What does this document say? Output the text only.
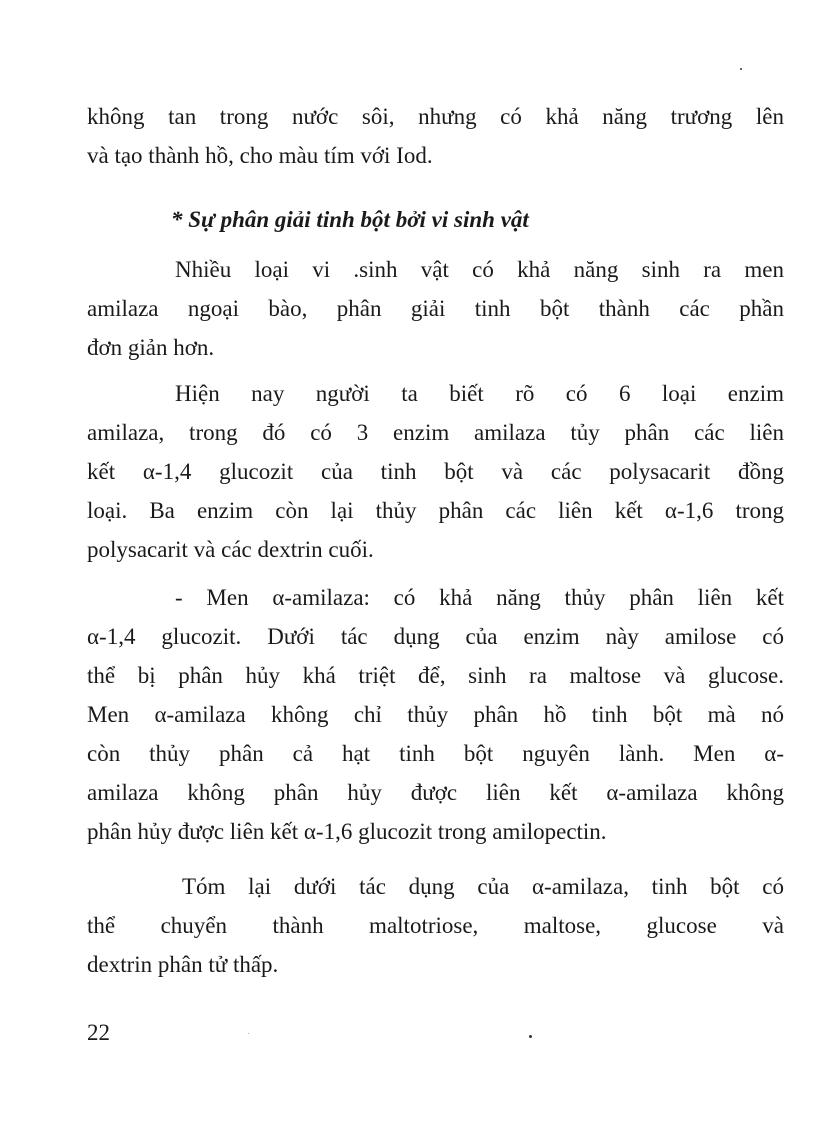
không tan trong nước sôi, nhưng có khả năng trương lên
và tạo thành hồ, cho màu tím với Iod.
* Sự phân giải tinh bột bởi vi sinh vật
Nhiều loại vi .sinh vật có khả năng sinh ra men
amilaza ngoại bào, phân giải tinh bột thành các phần
đơn giản hơn.
Hiện nay người ta biết rõ có 6 loại enzim
amilaza, trong đó có 3 enzim amilaza tủy phân các liên
kết α-1,4 glucozit của tinh bột và các polysacarit đồng
loại. Ba enzim còn lại thủy phân các liên kết α-1,6 trong
polysacarit và các dextrin cuối.
- Men α-amilaza: có khả năng thủy phân liên kết
α-1,4 glucozit. Dưới tác dụng của enzim này amilose có
thể bị phân hủy khá triệt để, sinh ra maltose và glucose.
Men α-amilaza không chỉ thủy phân hồ tinh bột mà nó
còn thủy phân cả hạt tinh bột nguyên lành. Men α-
amilaza không phân hủy được liên kết α-amilaza không
phân hủy được liên kết α-1,6 glucozit trong amilopectin.
Tóm lại dưới tác dụng của α-amilaza, tinh bột có
thể chuyển thành maltotriose, maltose, glucose và
dextrin phân tử thấp.
22
